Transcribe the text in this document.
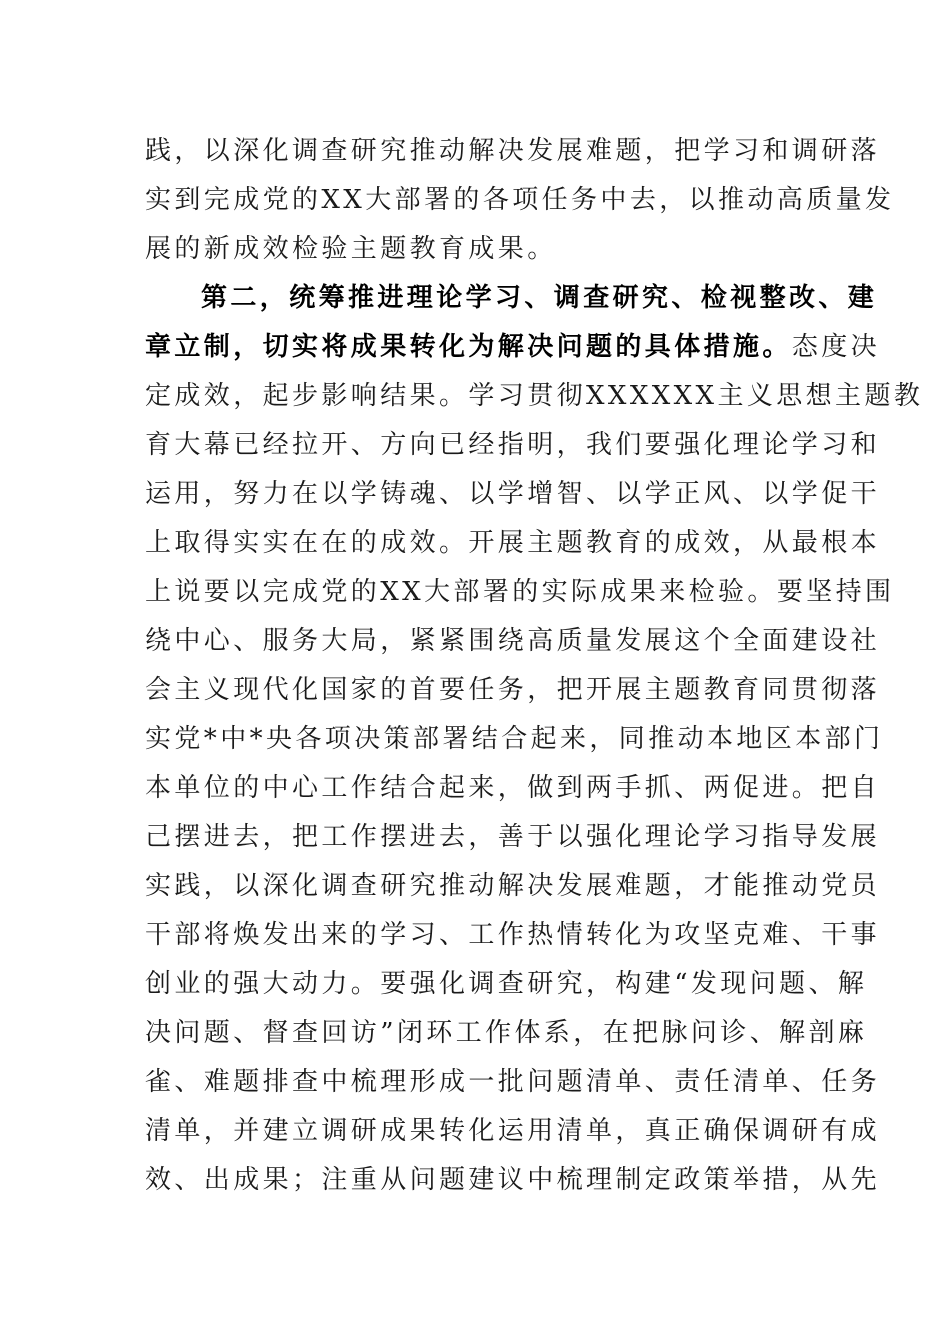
践，以深化调查研究推动解决发展难题，把学习和调研落
实到完成党的XX大部署的各项任务中去，以推动高质量发
展的新成效检验主题教育成果。
第二，统筹推进理论学习、调查研究、检视整改、建
章立制，切实将成果转化为解决问题的具体措施。态度决
定成效，起步影响结果。学习贯彻XXXXXX主义思想主题教
育大幕已经拉开、方向已经指明，我们要强化理论学习和
运用，努力在以学铸魂、以学增智、以学正风、以学促干
上取得实实在在的成效。开展主题教育的成效，从最根本
上说要以完成党的XX大部署的实际成果来检验。要坚持围
绕中心、服务大局，紧紧围绕高质量发展这个全面建设社
会主义现代化国家的首要任务，把开展主题教育同贯彻落
实党*中*央各项决策部署结合起来，同推动本地区本部门
本单位的中心工作结合起来，做到两手抓、两促进。把自
己摆进去，把工作摆进去，善于以强化理论学习指导发展
实践，以深化调查研究推动解决发展难题，才能推动党员
干部将焕发出来的学习、工作热情转化为攻坚克难、干事
创业的强大动力。要强化调查研究，构建“发现问题、解
决问题、督查回访”闭环工作体系，在把脉问诊、解剖麻
雀、难题排查中梳理形成一批问题清单、责任清单、任务
清单，并建立调研成果转化运用清单，真正确保调研有成
效、出成果；注重从问题建议中梳理制定政策举措，从先
